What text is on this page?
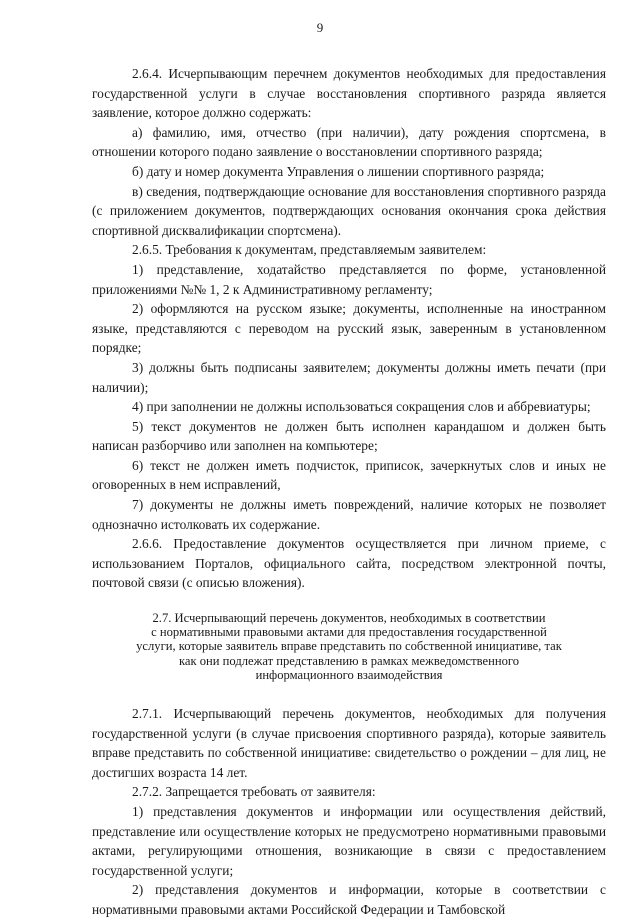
9

2.6.4. Исчерпывающим перечнем документов необходимых для предоставления государственной услуги в случае восстановления спортивного разряда является заявление, которое должно содержать:

а) фамилию, имя, отчество (при наличии), дату рождения спортсмена, в отношении которого подано заявление о восстановлении спортивного разряда;

б) дату и номер документа Управления о лишении спортивного разряда;

в) сведения, подтверждающие основание для восстановления спортивного разряда (с приложением документов, подтверждающих основания окончания срока действия спортивной дисквалификации спортсмена).

2.6.5. Требования к документам, представляемым заявителем:

1) представление, ходатайство представляется по форме, установленной приложениями №№ 1, 2 к Административному регламенту;

2) оформляются на русском языке; документы, исполненные на иностранном языке, представляются с переводом на русский язык, заверенным в установленном порядке;

3) должны быть подписаны заявителем; документы должны иметь печати (при наличии);

4) при заполнении не должны использоваться сокращения слов и аббревиатуры;

5) текст документов не должен быть исполнен карандашом и должен быть написан разборчиво или заполнен на компьютере;

6) текст не должен иметь подчисток, приписок, зачеркнутых слов и иных не оговоренных в нем исправлений,

7) документы не должны иметь повреждений, наличие которых не позволяет однозначно истолковать их содержание.

2.6.6. Предоставление документов осуществляется при личном приеме, с использованием Порталов, официального сайта, посредством электронной почты, почтовой связи (с описью вложения).

2.7. Исчерпывающий перечень документов, необходимых в соответствии
с нормативными правовыми актами для предоставления государственной
услуги, которые заявитель вправе представить по собственной инициативе, так
как они подлежат представлению в рамках межведомственного
информационного взаимодействия

2.7.1. Исчерпывающий перечень документов, необходимых для получения государственной услуги (в случае присвоения спортивного разряда), которые заявитель вправе представить по собственной инициативе: свидетельство о рождении – для лиц, не достигших возраста 14 лет.

2.7.2. Запрещается требовать от заявителя:

1) представления документов и информации или осуществления действий, представление или осуществление которых не предусмотрено нормативными правовыми актами, регулирующими отношения, возникающие в связи с предоставлением государственной услуги;

2) представления документов и информации, которые в соответствии с нормативными правовыми актами Российской Федерации и Тамбовской
